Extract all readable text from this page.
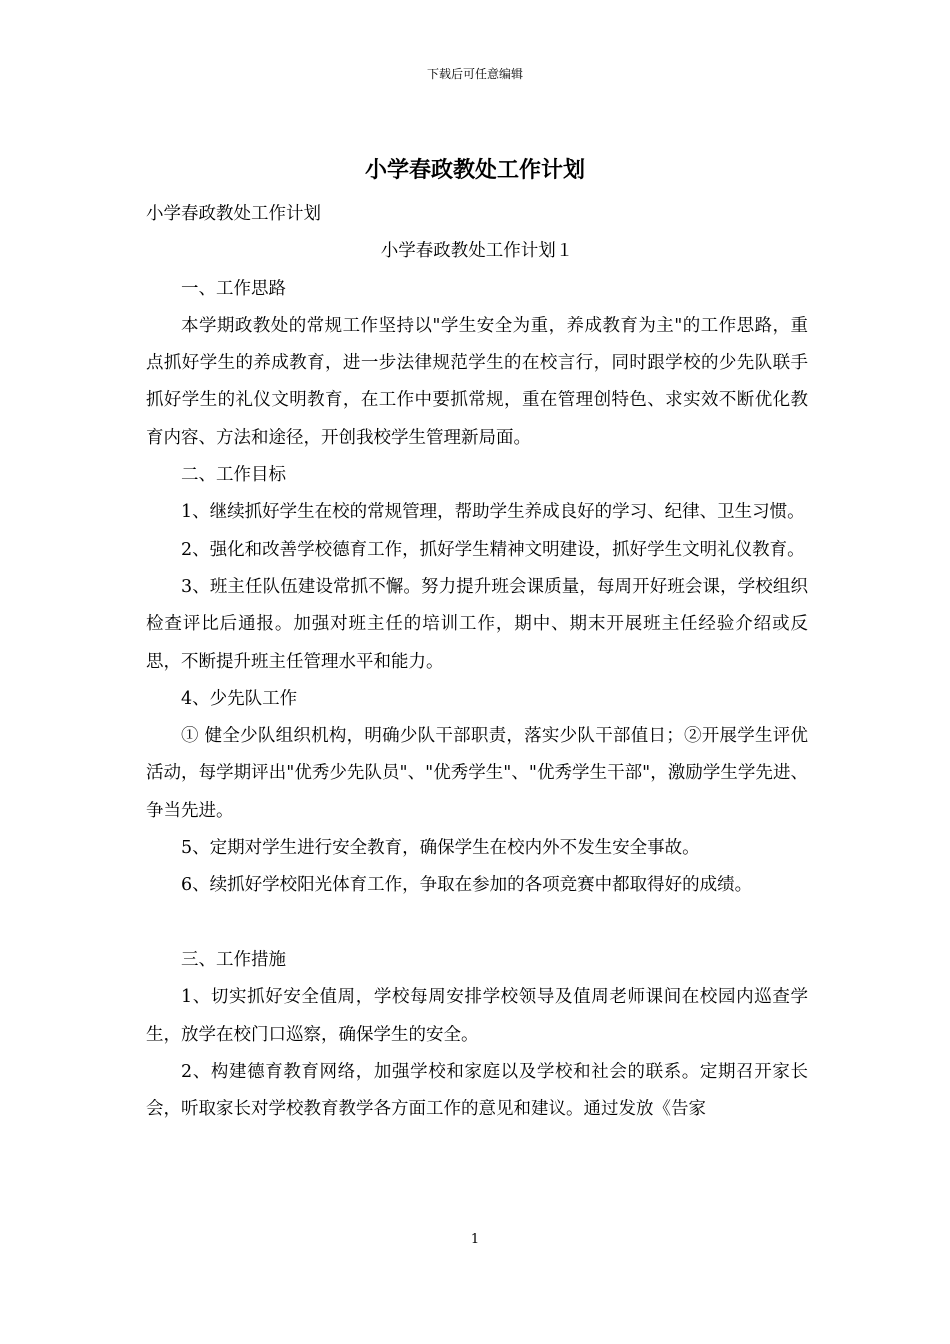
下载后可任意编辑
小学春政教处工作计划

小学春政教处工作计划

小学春政教处工作计划１

一、工作思路

本学期政教处的常规工作坚持以"学生安全为重，养成教育为主"的工作思路，重点抓好学生的养成教育，进一步法律规范学生的在校言行，同时跟学校的少先队联手抓好学生的礼仪文明教育，在工作中要抓常规，重在管理创特色、求实效不断优化教育内容、方法和途径，开创我校学生管理新局面。

二、工作目标

1、继续抓好学生在校的常规管理，帮助学生养成良好的学习、纪律、卫生习惯。

2、强化和改善学校德育工作，抓好学生精神文明建设，抓好学生文明礼仪教育。

3、班主任队伍建设常抓不懈。努力提升班会课质量，每周开好班会课，学校组织检查评比后通报。加强对班主任的培训工作，期中、期末开展班主任经验介绍或反思，不断提升班主任管理水平和能力。

4、少先队工作

① 健全少队组织机构，明确少队干部职责，落实少队干部值日；②开展学生评优活动，每学期评出"优秀少先队员"、"优秀学生"、"优秀学生干部"，激励学生学先进、争当先进。

5、定期对学生进行安全教育，确保学生在校内外不发生安全事故。

6、续抓好学校阳光体育工作，争取在参加的各项竞赛中都取得好的成绩。

三、工作措施

1、切实抓好安全值周，学校每周安排学校领导及值周老师课间在校园内巡查学生，放学在校门口巡察，确保学生的安全。

2、构建德育教育网络，加强学校和家庭以及学校和社会的联系。定期召开家长会，听取家长对学校教育教学各方面工作的意见和建议。通过发放《告家

1
